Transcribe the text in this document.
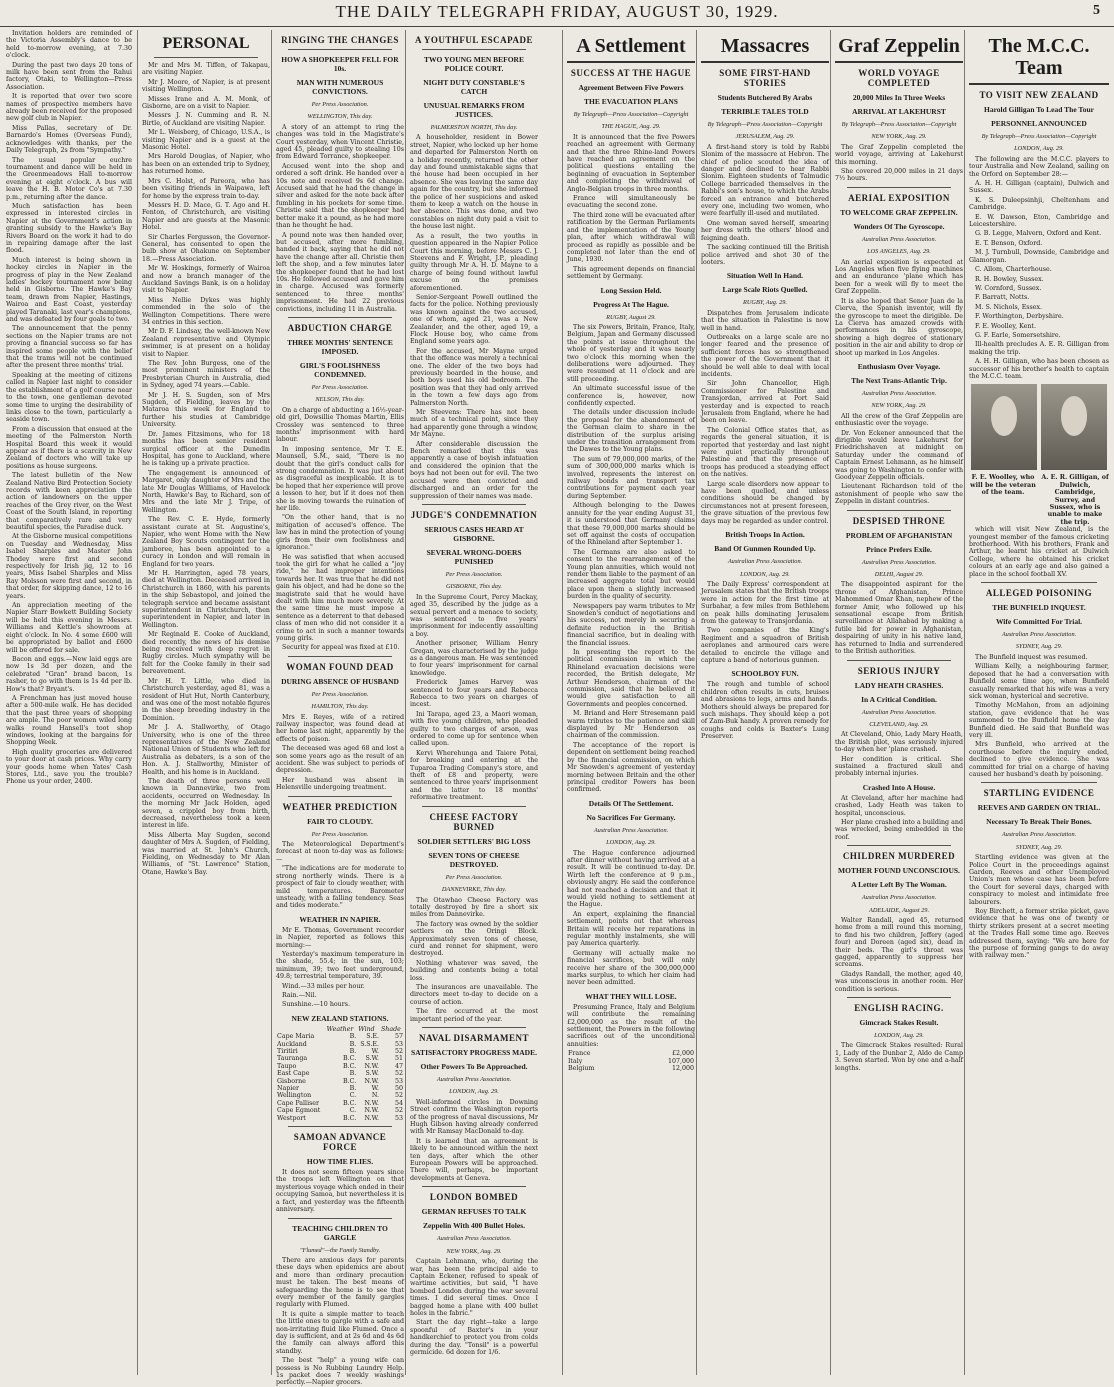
THE DAILY TELEGRAPH FRIDAY, AUGUST 30, 1929.	5

Invitation holders are reminded of the Victoria Assembly's dance to be held to-morrow evening, at 7.30 o'clock.

During the past two days 20 tons of milk have been sent from the Rahui factory, Otaki, to Wellington—Press Association.

It is reported that over two score names of prospective members have already been received for the proposed new golf club in Napier.

Miss Pallas, secretary of Dr. Barnardo's Homes (Overseas Fund), acknowledges with thanks, per the Daily Telegraph, 2s from "Sympathy."

The usual popular euchre tournament and dance will be held in the Greenmeadows Hall to-morrow evening at eight o'clock. A bus will leave the H. B. Motor Co's at 7.30 p.m., returning after the dance.

Much satisfaction has been expressed in interested circles in Napier at the Government's action in granting subsidy to the Hawke's Bay Rivers Board on the work it had to do in repairing damage after the last flood.

Much interest is being shown in hockey circles in Napier in the progress of play in the New Zealand ladies' hockey tournament now being held in Gisborne. The Hawke's Bay team, drawn from Napier, Hastings, Wairoa and East Coast, yesterday played Taranaki, last year's champions, and was defeated by four goals to two.

The announcement that the penny sections on the Napier trams are not proving a financial success so far has inspired some people with the belief that the trams will not be continued after the present three months' trial.

Speaking at the meeting of citizens called in Napier last night to consider the establishment of a golf course near to the town, one gentleman devoted some time to urging the desirability of links close to the town, particularly a seaside town.

From a discussion that ensued at the meeting of the Palmerston North Hospital Board this week it would appear as if there is a scarcity in New Zealand of doctors who will take up positions as house surgeons.

The latest bulletin of the New Zealand Native Bird Protection Society records with keen appreciation the action of landowners on the upper reaches of the Grey river, on the West Coast of the South Island, in reporting that comparatively rare and very beautiful species, the Paradise duck.

At the Gisborne musical competitions on Tuesday and Wednesday, Miss Isabel Sharples and Master John Thodey were first and second respectively for Irish jig, 12 to 16 years, Miss Isabel Sharples and Miss Ray Molsson were first and second, in that order, for skipping dance, 12 to 16 years.

An appreciation meeting of the Napier Starr Bowkett Building Society will be held this evening in Messrs. Williams and Kettle's showroom at eight o'clock. In No. 4 some £600 will be appropriated by ballot and £600 will be offered for sale.

Bacon and eggs.—New laid eggs are now 1s 3d per dozen, and the celebrated "Gran" brand bacon, 1s rasher, to go with them is 1s 4d per lb. How's that? Bryant's.

A Frenchman has just moved house after a 500-mile walk. He has decided that the past three years of shopping are ample. The poor women wiled long walks round Hansell's toot shop windows, looking at the bargains for Shopping Week.

High quality groceries are delivered to your door at cash prices. Why carry your goods home when Yates' Cash Stores, Ltd., save you the trouble? Phone us your order, 2400.

PERSONAL

Mr and Mrs M. Tiffen, of Takapau, are visiting Napier.

Mr J. Moore, of Napier, is at present visiting Wellington.

Misses Irane and A. M. Monk, of Gisborne, are on a visit to Napier.

Messrs J. N. Cumming and R. N. Birtle, of Auckland are visiting Napier.

Mr L. Weisberg, of Chicago, U.S.A., is visiting Napier and is a guest at the Masonic Hotel.

Mrs Harold Douglas, of Napier, who has been on an extended trip to Sydney, has returned home.

Mrs C. Holst, of Pareora, who has been visiting friends in Waipawa, left for home by the express train to-day.

Messrs H. D. Mace, G. T. Ago and H. Fenton, of Christchurch, are visiting Napier and are guests at the Masonic Hotel.

Sir Charles Fergusson, the Governor-General, has consented to open the bulb show at Ohakune on September 18.—Press Association.

Mr W. Hoskings, formerly of Wairoa and now a branch manager of the Auckland Savings Bank, is on a holiday visit to Napier.

Miss Nellie Dykes was highly commended in the solo of the Wellington Competitions. There were 34 entries in this section.

Mr D. F. Lindsay, the well-known New Zealand representative and Olympic swimmer, is at present on a holiday visit to Napier.

The Rev. John Burgess, one of the most prominent ministers of the Presbyterian Church in Australia, died in Sydney, aged 74 years.—Cable.

Mr J. H. S. Sugden, son of Mrs Sugden, of Fielding, leaves by the Mataroa this week for England to further his studies at Cambridge University.

Dr. James Fitzsimons, who for 18 months has been senior resident surgical officer at the Dunedin Hospital, has gone to Auckland, where he is taking up a private practice.

The engagement is announced of Margaret, only daughter of Mrs and the late Mr Douglas Williams, of Havelock North, Hawke's Bay, to Richard, son of Mrs and the late Mr J. Tripe, of Wellington.

The Rev. C. E. Hyde, formerly assistant curate at St. Augustine's, Napier, who went Home with the New Zealand Boy Scouts contingent for the jamboree, has been appointed to a curacy in London and will remain in England for two years.

Mr H. Harrington, aged 78 years, died at Wellington. Deceased arrived in Christchurch in 1860, with his parents in the ship Sebastopol, and joined the telegraph service and became assistant superintendent in Christchurch, then superintendent in Napier, and later in Wellington.

Mr Reginald E. Cooke of Auckland, died recently, the news of his demise being received with deep regret in Rugby circles. Much sympathy will be felt for the Cooke family in their sad bereavement.

Mr H. T. Little, who died in Christchurch yesterday, aged 81, was a resident of Hut Hut, North Canterbury, and was one of the most notable figures in the sheep breeding industry in the Dominion.

Mr J. A. Stallworthy, of Otago University, who is one of the three representatives of the New Zealand National Union of Students who left for Australia as debaters, is a son of the Hon. A. J. Stallworthy, Minister of Health, and his home is in Auckland.

The death of three persons well known in Dannevirke, two from accidents, occurred on Wednesday. In the morning Mr Jack Holden, aged seven, a crippled boy from birth, decreased, nevertheless took a keen interest in life.

Miss Alberta May Sugden, second daughter of Mrs A. Sugden, of Fielding, was married at St. John's Church, Fielding, on Wednesday to Mr Alan Williams, of "St. Lawrence" Station, Otane, Hawke's Bay.

RINGING THE CHANGES
HOW A SHOPKEEPER FELL FOR 10s.
MAN WITH NUMEROUS CONVICTIONS.
Per Press Association.
WELLINGTON, This day.

A story of an attempt to ring the changes was told in the Magistrate's Court yesterday, when Vincent Christie, aged 45, pleaded guilty to stealing 10s from Edward Torrance, shopkeeper.

Accused went into the shop and ordered a soft drink. He handed over a 10s note and received 9s 6d change. Accused said that he had the change in silver and asked for the note back after fumbling in his pockets for some time. Christie said that the shopkeeper had better make it a pound, as he had more than he thought he had.

A pound note was then handed over, but accused, after more fumbling, handed it back, saying that he did not have the change after all. Christie then left the shop, and a few minutes later the shopkeeper found that he had lost 10s. He followed accused and gave him in charge. Accused was formerly sentenced to three months' imprisonment. He had 22 previous convictions, including 11 in Australia.

ABDUCTION CHARGE
THREE MONTHS' SENTENCE IMPOSED.
GIRL'S FOOLISHNESS CONDEMNED.
Per Press Association.
NELSON, This day.

On a charge of abducting a 16½-year-old girl, Dowsillie Thomas Martin, Ellis Crossley was sentenced to three months' imprisonment with hard labour.

In imposing sentence, Mr T. E. Maunsell, S.M., said, "There is no doubt that the girl's conduct calls for strong condemnation. It was just about as disgraceful as inexplicable. It is to be hoped that her experience will prove a lesson to her, but if it does not then she is moving towards the ruination of her life.

"On the other hand, that is no mitigation of accused's offence. The law has in mind the protection of young girls from their own foolishness and ignorance."

He was satisfied that when accused took the girl for what he called a "joy ride," he had improper intentions towards her. It was true that he did not gain his object, and had he done so the magistrate said that he would have dealt with him much more severely. At the same time he must impose a sentence as a deterrent to that debased class of men who did not consider it a crime to act in such a manner towards young girls.

Security for appeal was fixed at £10.

WOMAN FOUND DEAD
DURING ABSENCE OF HUSBAND
Per Press Association.
HAMILTON, This day.

Mrs E. Reyes, wife of a retired railway inspector, was found dead at her home last night, apparently by the effects of poison.

The deceased was aged 68 and lost a son some years ago as the result of an accident. She was subject to periods of depression.

Her husband was absent in Helensville undergoing treatment.

WEATHER PREDICTION
FAIR TO CLOUDY.
Per Press Association.

The Meteorological Department's forecast at noon to-day was as follows:—

"The indications are for moderate to strong northerly winds. There is a prospect of fair to cloudy weather, with mild temperatures. Barometer unsteady, with a falling tendency. Seas and tides moderate."

WEATHER IN NAPIER.

Mr E. Thomas, Government recorder in Napier, reported as follows this morning:—

Yesterday's maximum temperature in the shade, 55.4; in the sun, 103; minimum, 39; two feet underground, 49.8; terrestrial temperature, 39.

Wind.—33 miles per hour.

Rain.—Nil.

Sunshine.—10 hours.

NEW ZEALAND STATIONS.
	Weather	Wind	Shade
Cape Maria	B.	S.E.	57
Auckland	B.	S.S.E.	53
Tiritiri	B.	W.	52
Tauranga	B.C.	S.W.	51
Taupo	B.C.	N.W.	47
East Cape	B.	S.W.	52
Gisborne	B.C.	N.W.	53
Napier	B.	W.	50
Wellington	C.	N.	52
Cape Palliser	B.C.	N.W.	54
Cape Egmont	C.	N.W.	52
Westport	B.C.	N.W.	53
SAMOAN ADVANCE FORCE
HOW TIME FLIES.

It does not seem fifteen years since the troops left Wellington on that mysterious voyage which ended in their occupying Samoa, but nevertheless it is a fact, and yesterday was the fifteenth anniversary.

TEACHING CHILDREN TO GARGLE
"Flumed"—the Family Standby.

There are anxious days for parents these days when epidemics are about and more than ordinary precaution must be taken. The best means of safeguarding the home is to see that every member of the family gargles regularly with Flumed.

It is quite a simple matter to teach the little ones to gargle with a safe and non-irritating fluid like Flumed. Once a day is sufficient, and at 2s 6d and 4s 6d the family can always afford this standby.

The best "help" a young wife can possess is No Rubbing Laundry Help. 1s packet does 7 weekly washings perfectly.—Napier grocers.

A YOUTHFUL ESCAPADE
TWO YOUNG MEN BEFORE POLICE COURT.
NIGHT DUTY CONSTABLE'S CATCH
UNUSUAL REMARKS FROM JUSTICES.
PALMERSTON NORTH, This day.

A householder, resident in Bower street, Napier, who locked up her home and departed for Palmerston North on a holiday recently, returned the other day and found unmistakable signs that the house had been occupied in her absence. She was leaving the same day again for the country, but she informed the police of her suspicions and asked them to keep a watch on the house in her absence. This was done, and two constables on night duty paid a visit to the house last night.

As a result, the two youths in question appeared in the Napier Police Court this morning, before Messrs C. J. Steevens and F. Wright, J.P., pleading guilty through Mr A. H. D. Mayne to a charge of being found without lawful excuse on the premises aforementioned.

Senior-Sergeant Powell outlined the facts for the police. Nothing previously was known against the two accused, one of whom, aged 21, was a New Zealander, and the other, aged 19, a Flock House boy, who came from England some years ago.

For the accused, Mr Mayne urged that the offence was merely a technical one. The elder of the two boys had previously boarded in the house, and both boys used his old bedroom. The position was that they had only arrived in the town a few days ago from Palmerston North.

Mr Steevens: There has not been much of a technical point, since they had apparently gone through a window, Mr Mayne.

After considerable discussion the Bench remarked that this was apparently a case of boyish infatuation and considered the opinion that the boys had not been out for evil. The two accused were then convicted and discharged and an order for the suppression of their names was made.

JUDGE'S CONDEMNATION
SERIOUS CASES HEARD AT GISBORNE.
SEVERAL WRONG-DOERS PUNISHED
Per Press Association.
GISBORNE, This day.

In the Supreme Court, Percy Mackay, aged 35, described by the judge as a sexual pervert and a menace to society, was sentenced to five years' imprisonment for indecently assaulting a boy.

Another prisoner, William Henry Gregan, was characterised by the judge as a dangerous man. He was sentenced to four years' imprisonment for carnal knowledge.

Frederick James Harvey was sentenced to four years and Rebecca Rebecca to two years on charges of incest.

Ini Tarapa, aged 23, a Maori woman, with five young children, who pleaded guilty to two charges of arson, was ordered to come up for sentence when called upon.

Kervi Wherehunga and Taiere Potai, for breaking and entering at the Tuparoa Trading Company's store, and theft of £8 and property, were sentenced to three years' imprisonment and the latter to 18 months' reformative treatment.

CHEESE FACTORY BURNED
SOLDIER SETTLERS' BIG LOSS
SEVEN TONS OF CHEESE DESTROYED.
Per Press Association.
DANNEVIRKE, This day.

The Otawhao Cheese Factory was totally destroyed by fire a short six miles from Dannevirke.

The factory was owned by the soldier settlers on the Oringi Block. Approximately seven tons of cheese, curd and rennet for shipment, were destroyed.

Nothing whatever was saved, the building and contents being a total loss.

The insurances are unavailable. The directors meet to-day to decide on a course of action.

The fire occurred at the most important period of the year.

NAVAL DISARMAMENT
SATISFACTORY PROGRESS MADE.
Other Powers To Be Approached.
Australian Press Association.
LONDON, Aug. 29.

Well-informed circles in Downing Street confirm the Washington reports of the progress of naval discussions, Mr Hugh Gibson having already conferred with Mr Ramsay MacDonald to-day.

It is learned that an agreement is likely to be announced within the next ten days, after which the other European Powers will be approached. There will, perhaps, be important developments at Geneva.

LONDON BOMBED
GERMAN REFUSES TO TALK
Zeppelin With 400 Bullet Holes.
Australian Press Association.
NEW YORK, Aug. 29.

Captain Lehmann, who, during the war, has been the principal aide to Captain Eckener, refused to speak of wartime activities, but said, "I have bombed London during the war several times. I did several times. Once I bagged home a plane with 400 bullet holes in the fabric."

Start the day right—take a large spoonful of Baxter's in your handkerchief to protect you from colds during the day. "Tonsil" is a powerful germicide. 6d dozen for 1/6.

A Settlement
SUCCESS AT THE HAGUE
Agreement Between Five Powers
THE EVACUATION PLANS
By Telegraph—Press Association—Copyright
THE HAGUE, Aug. 29.

It is announced that the five Powers reached an agreement with Germany and that the three Rhine-land Powers have reached an agreement on the political questions entailing the beginning of evacuation in September and completing the withdrawal of Anglo-Belgian troops in three months.

France will simultaneously be evacuating the second zone.

The third zone will be evacuated after ratification by the German Parliaments and the implementation of the Young plan, after which withdrawal will proceed as rapidly as possible and be completed not later than the end of June, 1930.

This agreement depends on financial settlement by Germany.

Long Session Held.
Progress At The Hague.
RUGBY, August 29.

The six Powers, Britain, France, Italy, Belgium, Japan and Germany discussed the points at issue throughout the whole of yesterday and it was nearly two o'clock this morning when the deliberations were adjourned. They were resumed at 11 o'clock and are still proceeding.

An ultimate successful issue of the conference is, however, now confidently expected.

The details under discussion include the proposal for the abandonment of the German claim to share in the distribution of the surplus arising under the transition arrangement from the Dawes to the Young plans.

The sum of 79,000,000 marks, of the sum of 300,000,000 marks which is involved, represents the interest on railway bonds and transport tax contributions for payment each year during September.

Although belonging to the Dawes annuity for the year ending August 31, it is understood that Germany claims that these 79,000,000 marks should be set off against the costs of occupation of the Rhineland after September 1.

The Germans are also asked to consent to the rearrangement of the Young plan annuities, which would not render them liable to the payment of an increased aggregate total but would place upon them a slightly increased burden in the quality of security.

Newspapers pay warm tributes to Mr Snowden's conduct of negotiations and his success, not merely in securing a definite reduction in the British financial sacrifice, but in dealing with the financial issues.

In presenting the report to the political commission in which the Rhineland evacuation decisions were recorded, the British delegate, Mr Arthur Henderson, chairman of the commission, said that he believed it would give satisfaction to all Governments and peoples concerned.

M. Briand and Herr Stresemann paid warm tributes to the patience and skill displayed by Mr Henderson as chairman of the commission.

The acceptance of the report is dependent on settlement being reached by the financial commission, on which Mr Snowden's agreement of yesterday morning between Britain and the other principal creditor Powers has been confirmed.

Details Of The Settlement.
No Sacrifices For Germany.
Australian Press Association.
LONDON, Aug. 29.

The Hague conference adjourned after dinner without having arrived at a result. It will be continued to-day. Dr. Wirth left the conference at 9 p.m., obviously angry. He said the conference had not reached a decision and that it would yield nothing to settlement at the Hague.

An expert, explaining the financial settlement, points out that whereas Britain will receive her reparations in regular monthly instalments, she will pay America quarterly.

Germany will actually make no financial sacrifices, but will only receive her share of the 300,000,000 marks surplus, to which her claim had never been admitted.

WHAT THEY WILL LOSE.

Presuming France, Italy and Belgium will contribute the remaining £2,000,000 as the result of the settlement, the Powers in the following sacrifices out of the unconditional annuities:

France	£2,000
Italy	107,000
Belgium	12,000
Massacres
SOME FIRST-HAND STORIES
Students Butchered By Arabs
TERRIBLE TALES TOLD
By Telegraph—Press Association—Copyright
JERUSALEM, Aug. 29.

A first-hand story is told by Rabbi Slonim of the massacre at Hebron. The chief of police scouted the idea of danger and declined to hear Rabbi Slonim. Eighteen students of Talmudic College barricaded themselves in the Rabbi's son's house, to which the Arabs forced an entrance and butchered every one, including two women, who were fearfully ill-used and mutilated.

One woman saved herself, smearing her dress with the others' blood and feigning death.

The sacking continued till the British police arrived and shot 30 of the looters.

Situation Well In Hand.
Large Scale Riots Quelled.
RUGBY, Aug. 29.

Dispatches from Jerusalem indicate that the situation in Palestine is now well in hand.

Outbreaks on a large scale are no longer feared and the presence of sufficient forces has so strengthened the power of the Government that it should be well able to deal with local incidents.

Sir John Chancellor, High Commissioner for Palestine and Transjordan, arrived at Port Said yesterday and is expected to reach Jerusalem from England, where he had been on leave.

The Colonial Office states that, as regards the general situation, it is reported that yesterday and last night were quiet practically throughout Palestine and that the presence of troops has produced a steadying effect on the natives.

Large scale disorders now appear to have been quelled, and unless conditions should be changed by circumstances not at present foreseen, the grave situation of the previous few days may be regarded as under control.

British Troops In Action.
Band Of Gunmen Rounded Up.
Australian Press Association.
LONDON, Aug. 29.

The Daily Express' correspondent at Jerusalem states that the British troops were in action for the first time at Surbahar, a few miles from Bethlehem on peak hills dominating Jerusalem from the gateway to Transjordania.

Two companies of the King's Regiment and a squadron of British aeroplanes and armoured cars were detailed to encircle the village and capture a band of notorious gunmen.

SCHOOLBOY FUN.

The rough and tumble of school children often results in cuts, bruises and abrasions to legs, arms and hands. Mothers should always be prepared for such mishaps. They should keep a pot of Zam-Buk handy. A proven remedy for coughs and colds is Baxter's Lung Preserver.

Graf Zeppelin
WORLD VOYAGE COMPLETED
20,000 Miles In Three Weeks
ARRIVAL AT LAKEHURST
By Telegraph—Press Association—Copyright
NEW YORK, Aug. 29.

The Graf Zeppelin completed the world voyage, arriving at Lakehurst this morning.

She covered 20,000 miles in 21 days 7½ hours.

AERIAL EXPOSITION
TO WELCOME GRAF ZEPPELIN.
Wonders Of The Gyroscope.
Australian Press Association.
LOS ANGELES, Aug. 29.

An aerial exposition is expected at Los Angeles when five flying machines and an endurance 'plane which has been for a week will fly to meet the Graf Zeppelin.

It is also hoped that Senor Juan de la Cierva, the Spanish inventor, will fly the gyroscope to meet the dirigible. De La Cierva has amazed crowds with performances in his gyroscope, showing a high degree of stationary position in the air and ability to drop or shoot up marked in Los Angeles.

Enthusiasm Over Voyage.
The Next Trans-Atlantic Trip.
Australian Press Association.
NEW YORK, Aug. 29.

All the crew of the Graf Zeppelin are enthusiastic over the voyage.

Dr. Von Eckener announced that the dirigible would leave Lakehurst for Friedrichshaven at midnight on Saturday under the command of Captain Ernest Lehmann, as he himself was going to Washington to confer with Goodyear Zeppelin officials.

Lieutenant Richardson told of the astonishment of people who saw the Zeppelin in distant countries.

DESPISED THRONE
PROBLEM OF AFGHANISTAN
Prince Prefers Exile.
Australian Press Association.
DELHI, August 29.

The disappointed aspirant for the throne of Afghanistan, Prince Mahommed Omar Khan, nephew of the former Amir, who followed up his sensational escape from British surveillance at Allahabad by making a futile bid for power in Afghanistan, despairing of unity in his native land, has returned to India and surrendered to the British authorities.

SERIOUS INJURY
LADY HEATH CRASHES.
In A Critical Condition.
Australian Press Association.
CLEVELAND, Aug. 29.

At Cleveland, Ohio, Lady Mary Heath, the British pilot, was seriously injured to-day when her 'plane crashed.

Her condition is critical. She sustained a fractured skull and probably internal injuries.

Crashed Into A House.

At Cleveland, after her machine had crashed, Lady Heath was taken to hospital, unconscious.

Her plane crashed into a building and was wrecked, being embedded in the roof.

CHILDREN MURDERED
MOTHER FOUND UNCONSCIOUS.
A Letter Left By The Woman.
Australian Press Association.
ADELAIDE, August 29.

Walter Randall, aged 45, returned home from a mill round this morning, to find his two children, Jeffery (aged four) and Doreen (aged six), dead in their beds. The girl's throat was gagged, apparently to suppress her screams.

Gladys Randall, the mother, aged 40, was unconscious in another room. Her condition is serious.

ENGLISH RACING.
Gimcrack Stakes Result.
LONDON, Aug. 29.

The Gimcrack Stakes resulted: Rural 1, Lady of the Dunbar 2, Aldo de Camp 3. Seven started. Won by one and a-half lengths.

The M.C.C. Team
TO VISIT NEW ZEALAND
Harold Gilligan To Lead The Tour
PERSONNEL ANNOUNCED
By Telegraph—Press Association—Copyright
LONDON, Aug. 29.

The following are the M.C.C. players to tour Australia and New Zealand, sailing on the Orford on September 28:—

A. H. H. Gilligan (captain), Dulwich and Sussex.

K. S. Duleepsinhji, Cheltenham and Cambridge.

E. W. Dawson, Eton, Cambridge and Leicestershire.

G. B. Legge, Malvern, Oxford and Kent.

E. T. Benson, Oxford.

M. J. Turnbull, Downside, Cambridge and Glamorgan.

C. Allom, Charterhouse.

R. H. Bowley, Sussex.

W. Cornford, Sussex.

F. Barratt, Notts.

M. S. Nichols, Essex.

F. Worthington, Derbyshire.

F. E. Woolley, Kent.

G. F. Earle, Somersetshire.

Ill-health precludes A. E. R. Gilligan from making the trip.

A. H. H. Gilligan, who has been chosen as successor of his brother's health to captain the M.C.C. team.

F. E. Woolley, who will be the veteran of the team.
A. E. R. Gilligan, of Dulwich, Cambridge, Surrey, and Sussex, who is unable to make the trip.

which will visit New Zealand, is the youngest member of the famous cricketing brotherhood. With his brothers, Frank and Arthur, he learnt his cricket at Dulwich College, where he obtained his cricket colours at an early age and also gained a place in the school football XV.

ALLEGED POISONING
THE BUNFIELD INQUEST.
Wife Committed For Trial.
Australian Press Association.
SYDNEY, Aug. 29.

The Bunfield inquest was resumed.

William Kelly, a neighbouring farmer, deposed that he had a conversation with Bunfield some time ago, when Bunfield casually remarked that his wife was a very sick woman, hysterical and secretive.

Timothy McMahon, from an adjoining station, gave evidence that he was summoned to the Bunfield home the day Bunfield died. He said that Bunfield was very ill.

Mrs Bunfield, who arrived at the courthouse before the inquiry ended, declined to give evidence. She was committed for trial on a charge of having caused her husband's death by poisoning.

STARTLING EVIDENCE
REEVES AND GARDEN ON TRIAL.
Necessary To Break Their Bones.
Australian Press Association.
SYDNEY, Aug. 29.

Startling evidence was given at the Police Court in the proceedings against Garden, Reeves and other Unemployed Union's men whose case has been before the Court for several days, charged with conspiracy to molest and intimidate free labourers.

Roy Birchett, a former strike picket, gave evidence that he was one of twenty or thirty strikers present at a secret meeting at the Trades Hall some time ago. Reeves addressed them, saying: "We are here for the purpose of forming gangs to do away with railway men."
